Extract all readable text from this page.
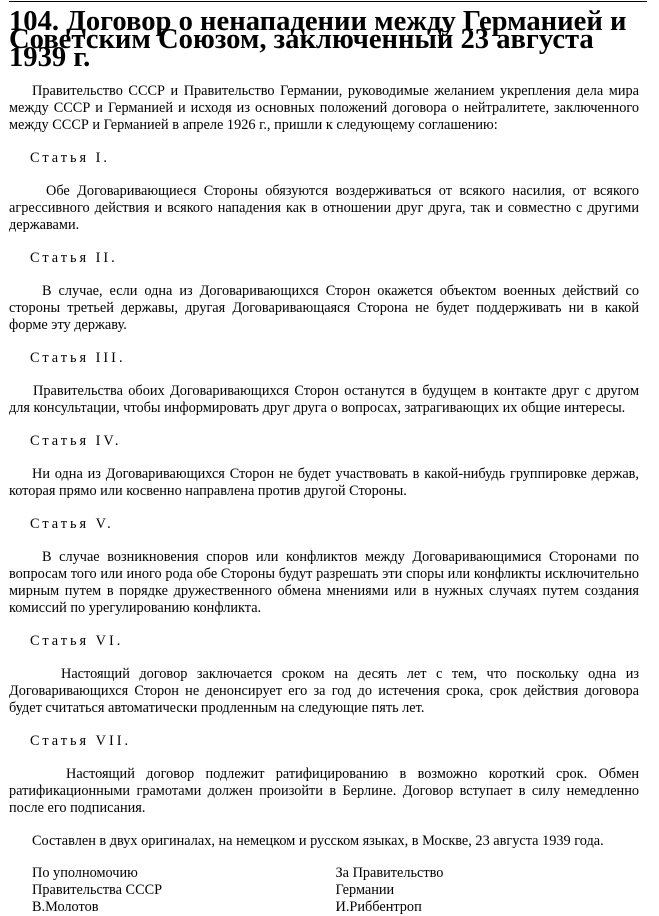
104. Договор о ненападении между Германией и Советским Союзом, заключенный 23 августа 1939 г.

Правительство СССР и Правительство Германии, руководимые желанием укрепления дела мира между СССР и Германией и исходя из основных положений договора о нейтралитете, заключенного между СССР и Германией в апреле 1926 г., пришли к следующему соглашению:

Статья I.

Обе Договаривающиеся Стороны обязуются воздерживаться от всякого насилия, от всякого агрессивного действия и всякого нападения как в отношении друг друга, так и совместно с другими державами.

Статья II.

В случае, если одна из Договаривающихся Сторон окажется объектом военных действий со стороны третьей державы, другая Договаривающаяся Сторона не будет поддерживать ни в какой форме эту державу.

Статья III.

Правительства обоих Договаривающихся Сторон останутся в будущем в контакте друг с другом для консультации, чтобы информировать друг друга о вопросах, затрагивающих их общие интересы.

Статья IV.

Ни одна из Договаривающихся Сторон не будет участвовать в какой-нибудь группировке держав, которая прямо или косвенно направлена против другой Стороны.

Статья V.

В случае возникновения споров или конфликтов между Договаривающимися Сторонами по вопросам того или иного рода обе Стороны будут разрешать эти споры или конфликты исключительно мирным путем в порядке дружественного обмена мнениями или в нужных случаях путем создания комиссий по урегулированию конфликта.

Статья VI.

Настоящий договор заключается сроком на десять лет с тем, что поскольку одна из Договаривающихся Сторон не денонсирует его за год до истечения срока, срок действия договора будет считаться автоматически продленным на следующие пять лет.

Статья VII.

Настоящий договор подлежит ратифицированию в возможно короткий срок. Обмен ратификационными грамотами должен произойти в Берлине. Договор вступает в силу немедленно после его подписания.

Составлен в двух оригиналах, на немецком и русском языках, в Москве, 23 августа 1939 года.

По уполномочию
Правительства СССР
В.Молотов
За Правительство
Германии
И.Риббентроп
